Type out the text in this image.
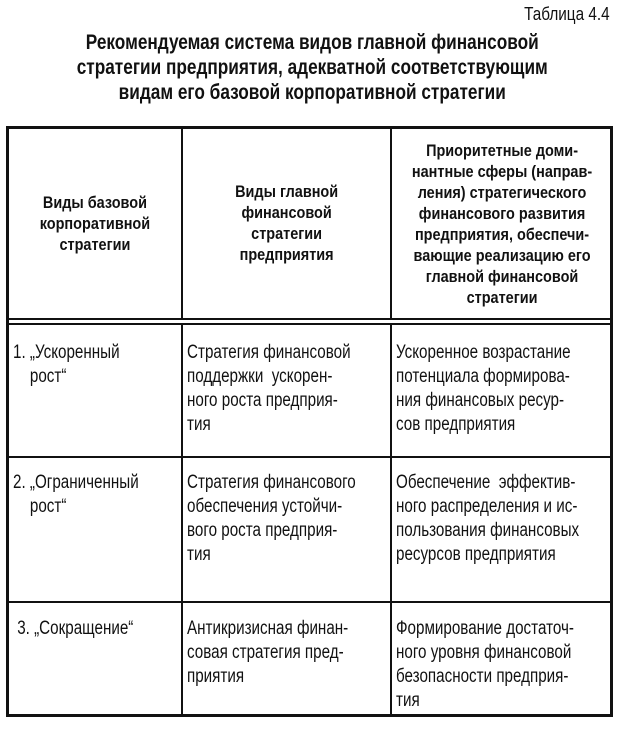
Таблица 4.4
Рекомендуемая система видов главной финансовой
стратегии предприятия, адекватной соответствующим
видам его базовой корпоративной стратегии
Виды базовой
корпоративной
стратегии
Виды главной
финансовой
стратегии
предприятия
Приоритетные доми-
нантные сферы (направ-
ления) стратегического
финансового развития
предприятия, обеспечи-
вающие реализацию его
главной финансовой
стратегии
1. „Ускоренный
рост“
Стратегия финансовой
поддержки  ускорен-
ного роста предприя-
тия
Ускоренное возрастание
потенциала формирова-
ния финансовых ресур-
сов предприятия
2. „Ограниченный
рост“
Стратегия финансового
обеспечения устойчи-
вого роста предприя-
тия
Обеспечение  эффектив-
ного распределения и ис-
пользования финансовых
ресурсов предприятия
3. „Сокращение“	Антикризисная финан-
совая стратегия пред-
приятия
Формирование достаточ-
ного уровня финансовой
безопасности предприя-
тия
